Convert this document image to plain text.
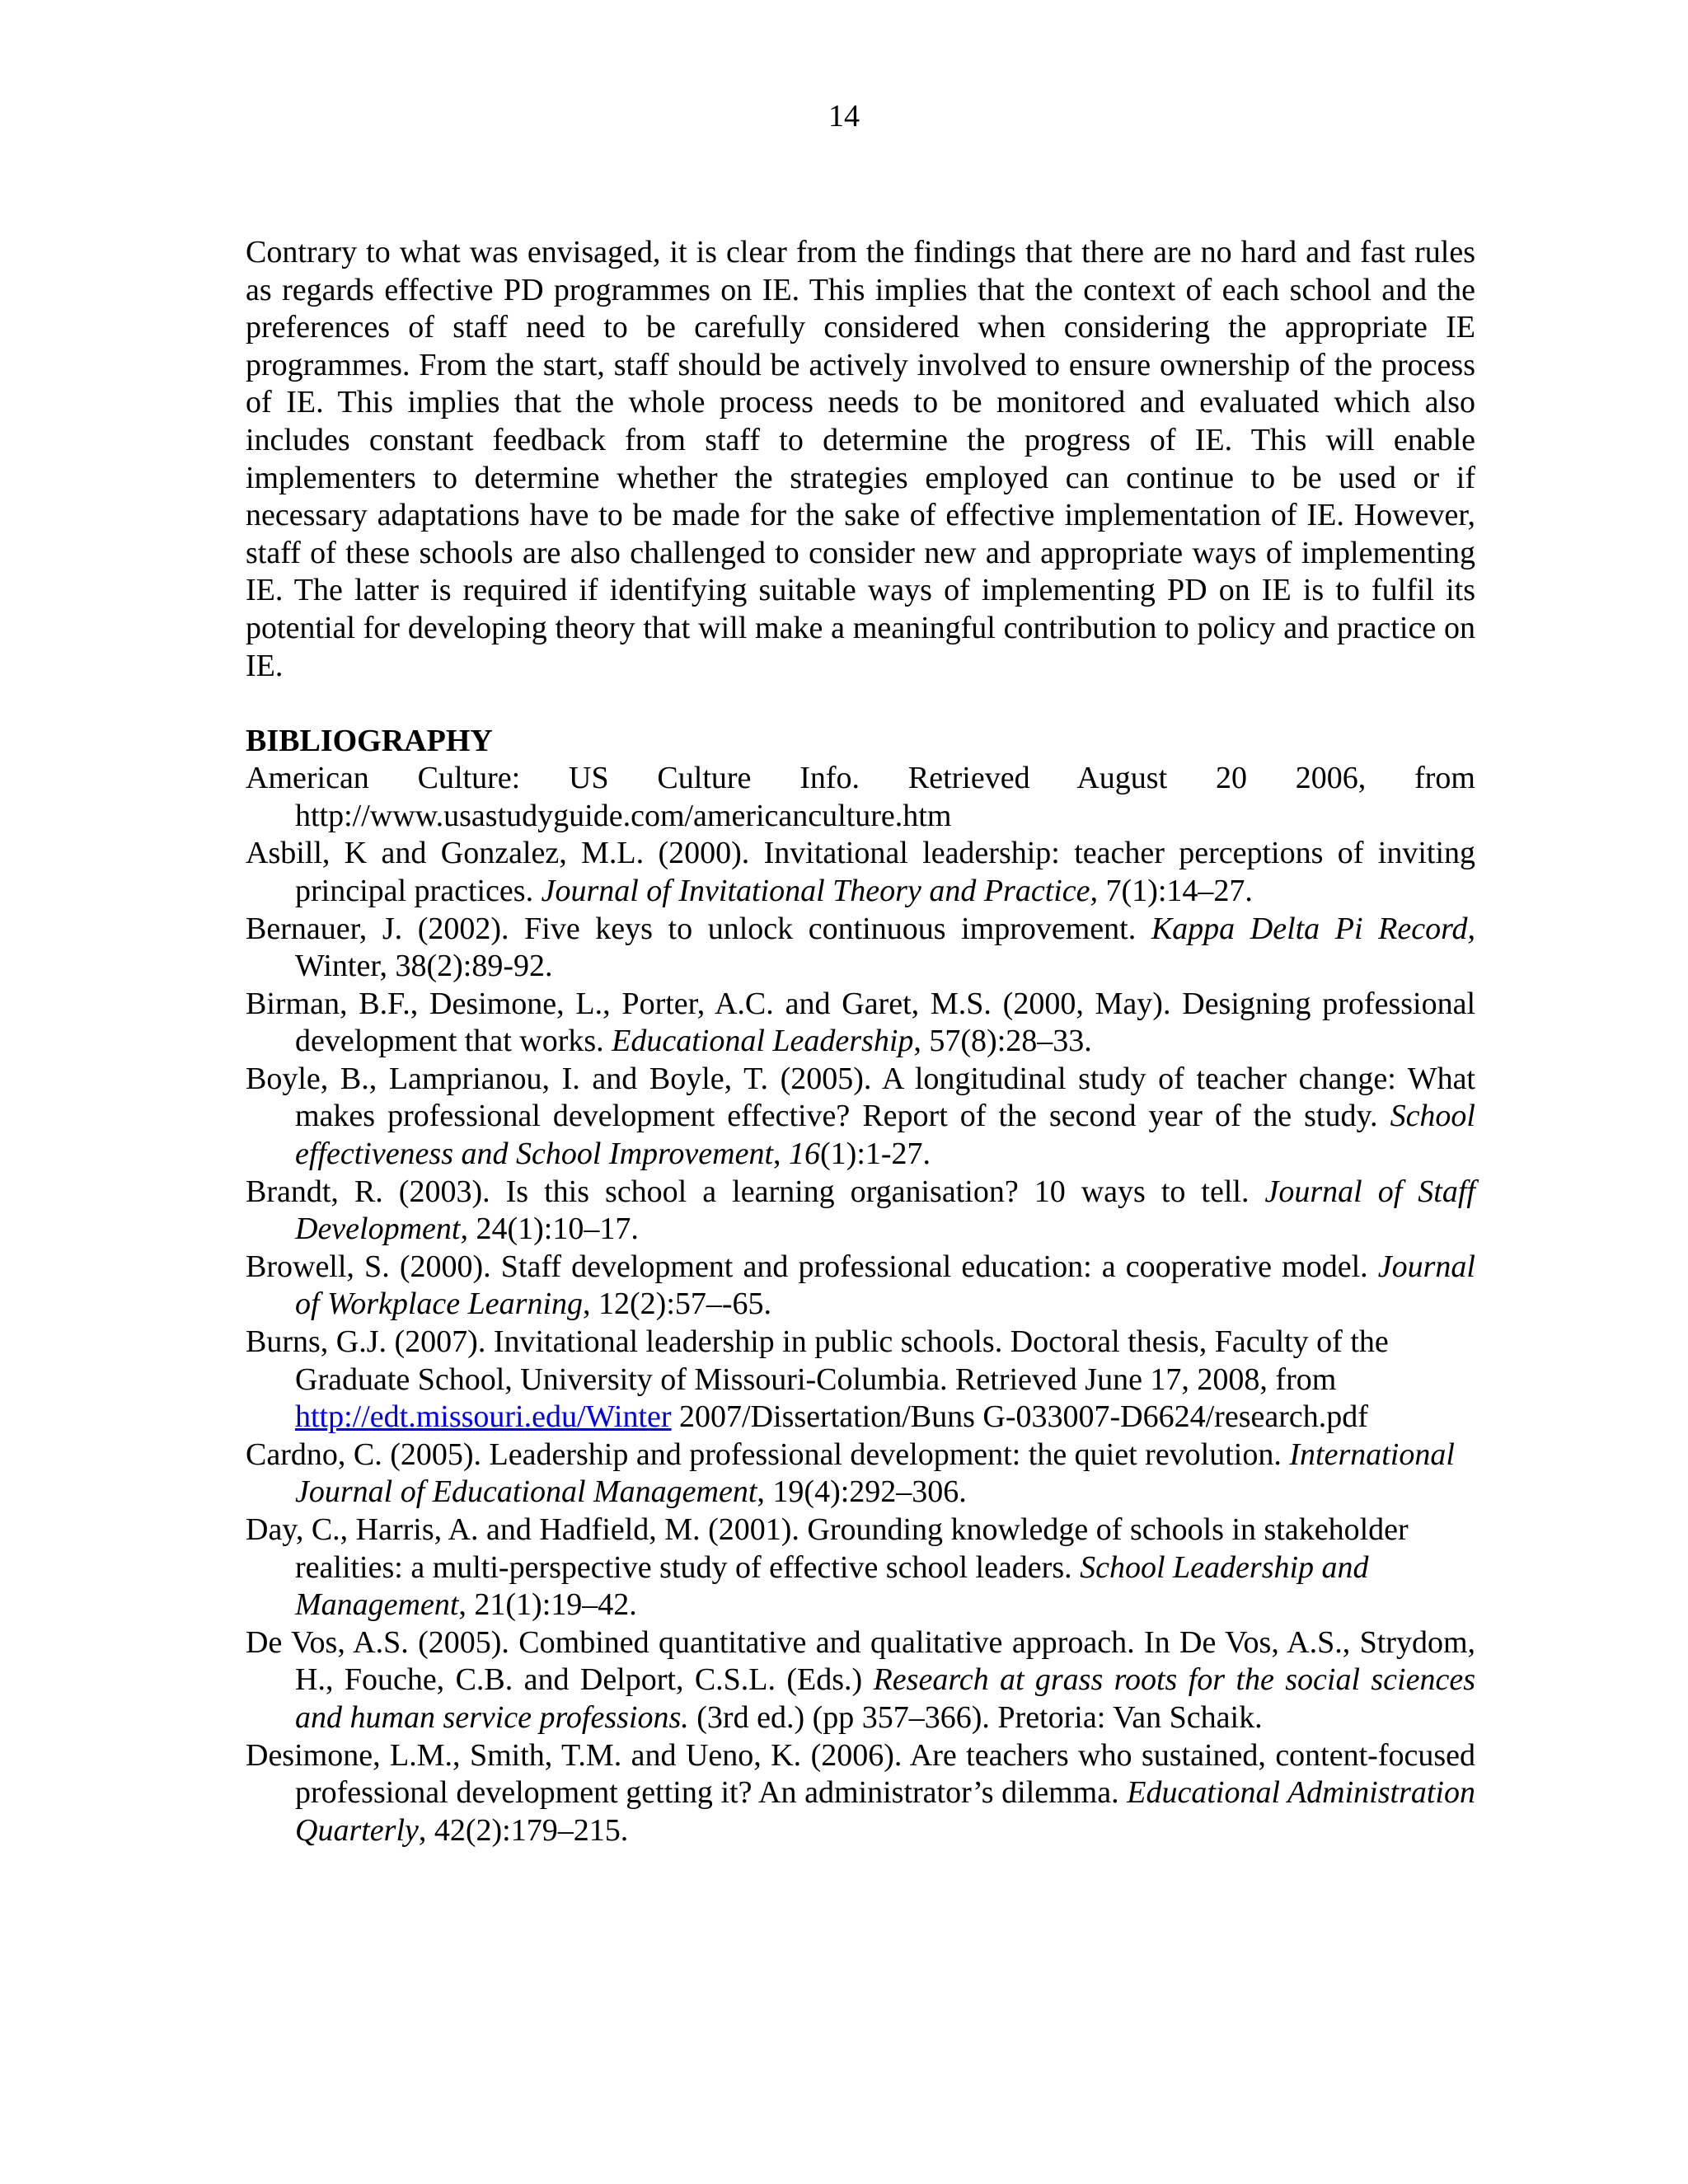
14

Contrary to what was envisaged, it is clear from the findings that there are no hard and fast rules as regards effective PD programmes on IE. This implies that the context of each school and the preferences of staff need to be carefully considered when considering the appropriate IE programmes. From the start, staff should be actively involved to ensure ownership of the process of IE. This implies that the whole process needs to be monitored and evaluated which also includes constant feedback from staff to determine the progress of IE. This will enable implementers to determine whether the strategies employed can continue to be used or if necessary adaptations have to be made for the sake of effective implementation of IE. However, staff of these schools are also challenged to consider new and appropriate ways of implementing IE. The latter is required if identifying suitable ways of implementing PD on IE is to fulfil its potential for developing theory that will make a meaningful contribution to policy and practice on IE.

BIBLIOGRAPHY
American Culture: US Culture Info. Retrieved August 20 2006, from http://www.usastudyguide.com/americanculture.htm
Asbill, K and Gonzalez, M.L. (2000). Invitational leadership: teacher perceptions of inviting principal practices. Journal of Invitational Theory and Practice, 7(1):14–27.
Bernauer, J. (2002). Five keys to unlock continuous improvement. Kappa Delta Pi Record, Winter, 38(2):89-92.
Birman, B.F., Desimone, L., Porter, A.C. and Garet, M.S. (2000, May). Designing professional development that works. Educational Leadership, 57(8):28–33.
Boyle, B., Lamprianou, I. and Boyle, T. (2005). A longitudinal study of teacher change: What makes professional development effective? Report of the second year of the study. School effectiveness and School Improvement, 16(1):1-27.
Brandt, R. (2003). Is this school a learning organisation? 10 ways to tell. Journal of Staff Development, 24(1):10–17.
Browell, S. (2000). Staff development and professional education: a cooperative model. Journal of Workplace Learning, 12(2):57–-65.
Burns, G.J. (2007). Invitational leadership in public schools. Doctoral thesis, Faculty of the Graduate School, University of Missouri-Columbia. Retrieved June 17, 2008, from http://edt.missouri.edu/Winter 2007/Dissertation/Buns G-033007-D6624/research.pdf
Cardno, C. (2005). Leadership and professional development: the quiet revolution. International Journal of Educational Management, 19(4):292–306.
Day, C., Harris, A. and Hadfield, M. (2001). Grounding knowledge of schools in stakeholder realities: a multi-perspective study of effective school leaders. School Leadership and Management, 21(1):19–42.
De Vos, A.S. (2005). Combined quantitative and qualitative approach. In De Vos, A.S., Strydom, H., Fouche, C.B. and Delport, C.S.L. (Eds.) Research at grass roots for the social sciences and human service professions. (3rd ed.) (pp 357–366). Pretoria: Van Schaik.
Desimone, L.M., Smith, T.M. and Ueno, K. (2006). Are teachers who sustained, content-focused professional development getting it? An administrator’s dilemma. Educational Administration Quarterly, 42(2):179–215.
